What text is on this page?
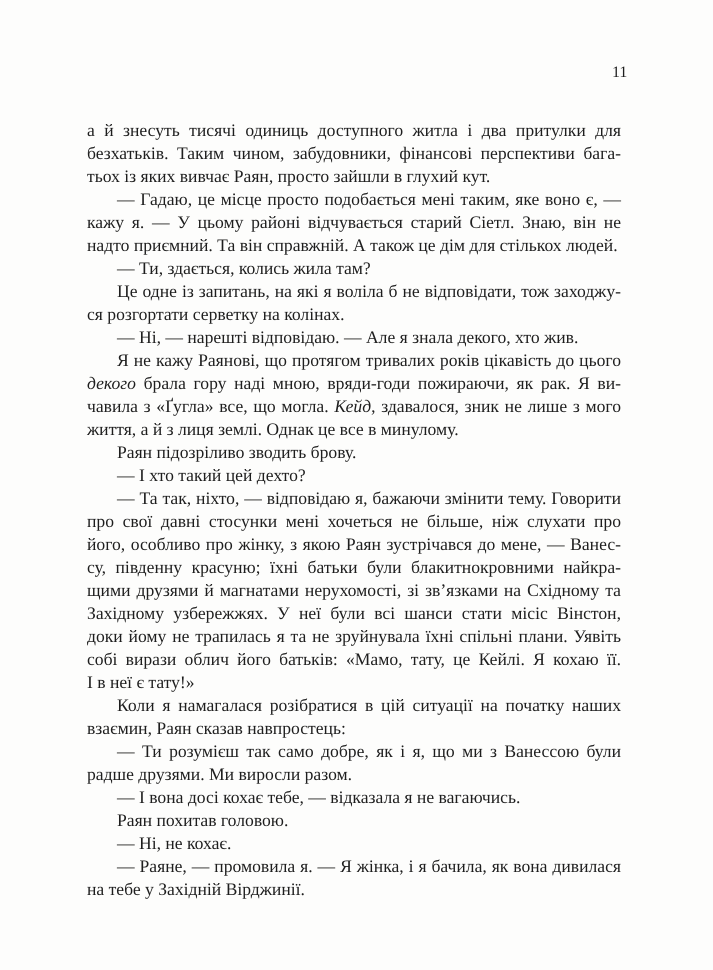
11
а й знесуть тисячі одиниць доступного житла і два притулки для
безхатьків. Таким чином, забудовники, фінансові перспективи бага-
тьох із яких вивчає Раян, просто зайшли в глухий кут.
— Гадаю, це місце просто подобається мені таким, яке воно є, —
кажу я. — У цьому районі відчувається старий Сіетл. Знаю, він не
надто приємний. Та він справжній. А також це дім для стількох людей.
— Ти, здається, колись жила там?
Це одне із запитань, на які я воліла б не відповідати, тож заходжу-
ся розгортати серветку на колінах.
— Ні, — нарешті відповідаю. — Але я знала декого, хто жив.
Я не кажу Раянові, що протягом тривалих років цікавість до цього
декого брала гору наді мною, вряди-годи пожираючи, як рак. Я ви-
чавила з «Ґугла» все, що могла. Кейд, здавалося, зник не лише з мого
життя, а й з лиця землі. Однак це все в минулому.
Раян підозріливо зводить брову.
— І хто такий цей дехто?
— Та так, ніхто, — відповідаю я, бажаючи змінити тему. Говорити
про свої давні стосунки мені хочеться не більше, ніж слухати про
його, особливо про жінку, з якою Раян зустрічався до мене, — Ванес-
су, південну красуню; їхні батьки були блакитнокровними найкра-
щими друзями й магнатами нерухомості, зі зв’язками на Східному та
Західному узбережжях. У неї були всі шанси стати місіс Вінстон,
доки йому не трапилась я та не зруйнувала їхні спільні плани. Уявіть
собі вирази облич його батьків: «Мамо, тату, це Кейлі. Я кохаю її.
І в неї є тату!»
Коли я намагалася розібратися в цій ситуації на початку наших
взаємин, Раян сказав навпростець:
— Ти розумієш так само добре, як і я, що ми з Ванессою були
радше друзями. Ми виросли разом.
— І вона досі кохає тебе, — відказала я не вагаючись.
Раян похитав головою.
— Ні, не кохає.
— Раяне, — промовила я. — Я жінка, і я бачила, як вона дивилася
на тебе у Західній Вірджинії.
